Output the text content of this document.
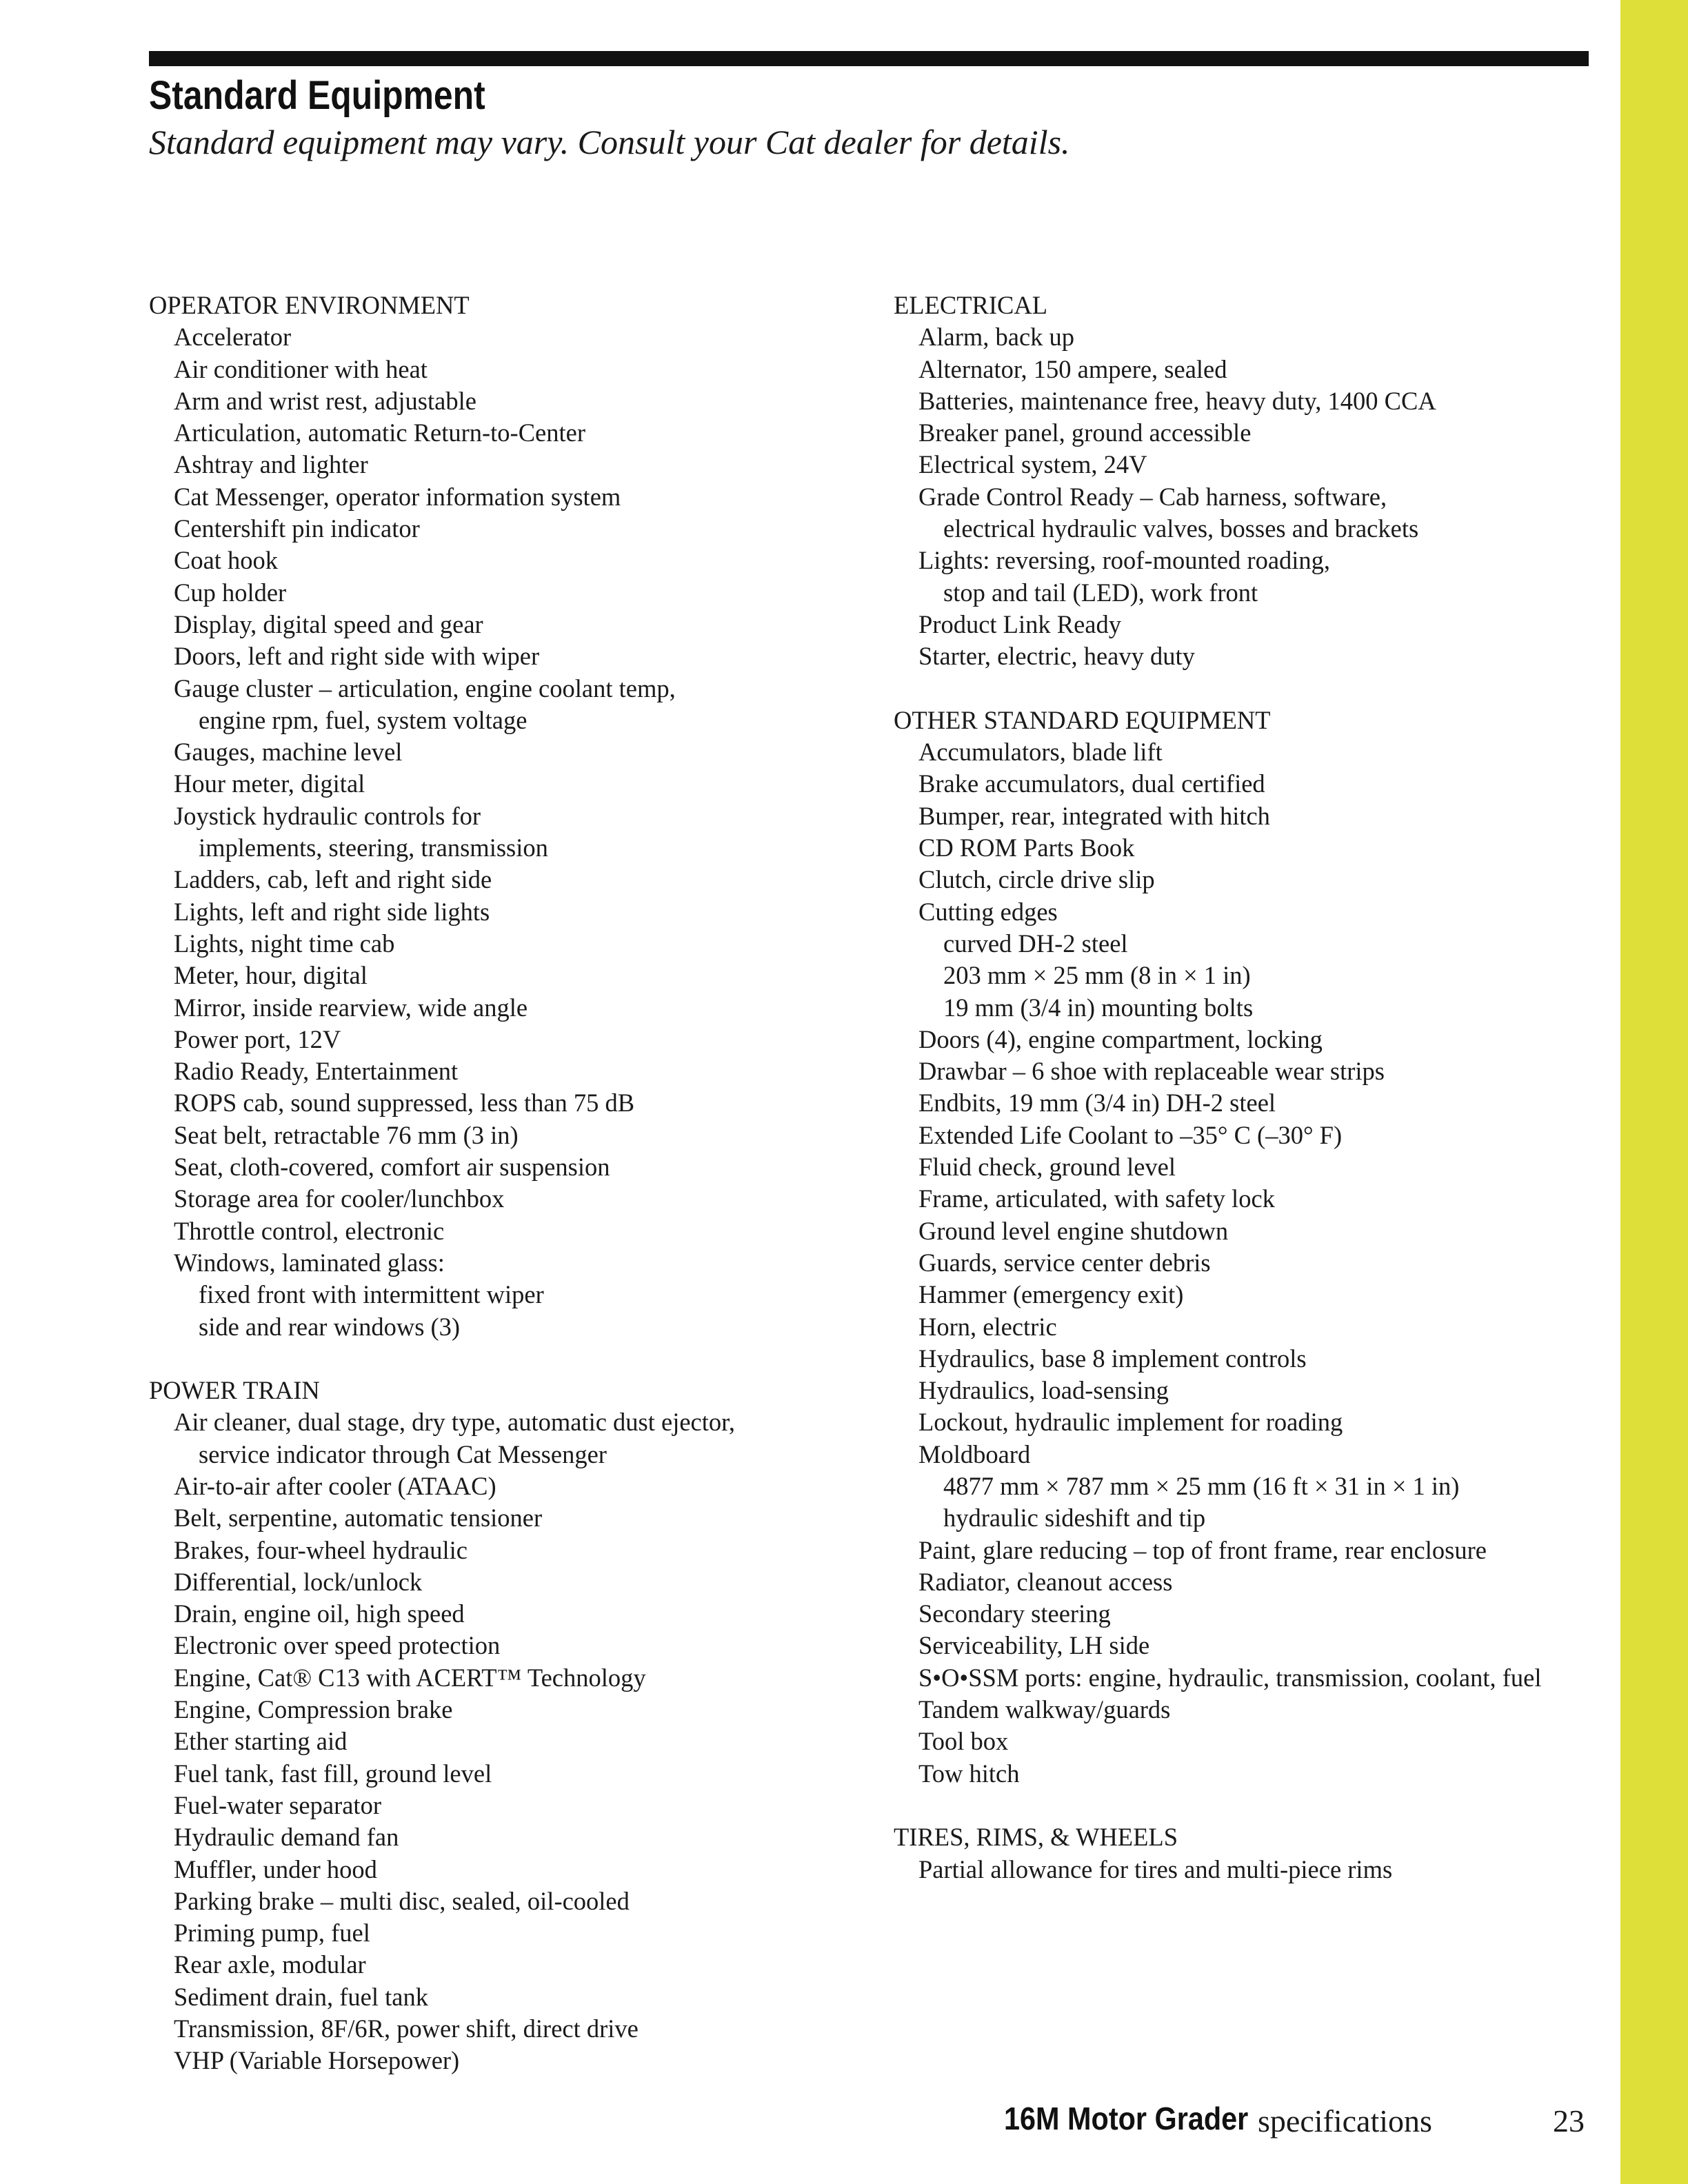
Standard Equipment

Standard equipment may vary. Consult your Cat dealer for details.

OPERATOR ENVIRONMENT
Accelerator
Air conditioner with heat
Arm and wrist rest, adjustable
Articulation, automatic Return-to-Center
Ashtray and lighter
Cat Messenger, operator information system
Centershift pin indicator
Coat hook
Cup holder
Display, digital speed and gear
Doors, left and right side with wiper
Gauge cluster – articulation, engine coolant temp,
engine rpm, fuel, system voltage
Gauges, machine level
Hour meter, digital
Joystick hydraulic controls for
implements, steering, transmission
Ladders, cab, left and right side
Lights, left and right side lights
Lights, night time cab
Meter, hour, digital
Mirror, inside rearview, wide angle
Power port, 12V
Radio Ready, Entertainment
ROPS cab, sound suppressed, less than 75 dB
Seat belt, retractable 76 mm (3 in)
Seat, cloth-covered, comfort air suspension
Storage area for cooler/lunchbox
Throttle control, electronic
Windows, laminated glass:
fixed front with intermittent wiper
side and rear windows (3)
POWER TRAIN
Air cleaner, dual stage, dry type, automatic dust ejector,
service indicator through Cat Messenger
Air-to-air after cooler (ATAAC)
Belt, serpentine, automatic tensioner
Brakes, four-wheel hydraulic
Differential, lock/unlock
Drain, engine oil, high speed
Electronic over speed protection
Engine, Cat® C13 with ACERT™ Technology
Engine, Compression brake
Ether starting aid
Fuel tank, fast fill, ground level
Fuel-water separator
Hydraulic demand fan
Muffler, under hood
Parking brake – multi disc, sealed, oil-cooled
Priming pump, fuel
Rear axle, modular
Sediment drain, fuel tank
Transmission, 8F/6R, power shift, direct drive
VHP (Variable Horsepower)
ELECTRICAL
Alarm, back up
Alternator, 150 ampere, sealed
Batteries, maintenance free, heavy duty, 1400 CCA
Breaker panel, ground accessible
Electrical system, 24V
Grade Control Ready – Cab harness, software,
electrical hydraulic valves, bosses and brackets
Lights: reversing, roof-mounted roading,
stop and tail (LED), work front
Product Link Ready
Starter, electric, heavy duty
OTHER STANDARD EQUIPMENT
Accumulators, blade lift
Brake accumulators, dual certified
Bumper, rear, integrated with hitch
CD ROM Parts Book
Clutch, circle drive slip
Cutting edges
curved DH-2 steel
203 mm × 25 mm (8 in × 1 in)
19 mm (3/4 in) mounting bolts
Doors (4), engine compartment, locking
Drawbar – 6 shoe with replaceable wear strips
Endbits, 19 mm (3/4 in) DH-2 steel
Extended Life Coolant to –35° C (–30° F)
Fluid check, ground level
Frame, articulated, with safety lock
Ground level engine shutdown
Guards, service center debris
Hammer (emergency exit)
Horn, electric
Hydraulics, base 8 implement controls
Hydraulics, load-sensing
Lockout, hydraulic implement for roading
Moldboard
4877 mm × 787 mm × 25 mm (16 ft × 31 in × 1 in)
hydraulic sideshift and tip
Paint, glare reducing – top of front frame, rear enclosure
Radiator, cleanout access
Secondary steering
Serviceability, LH side
S•O•SSM ports: engine, hydraulic, transmission, coolant, fuel
Tandem walkway/guards
Tool box
Tow hitch
TIRES, RIMS, & WHEELS
Partial allowance for tires and multi-piece rims
16M Motor Grader specifications	23
